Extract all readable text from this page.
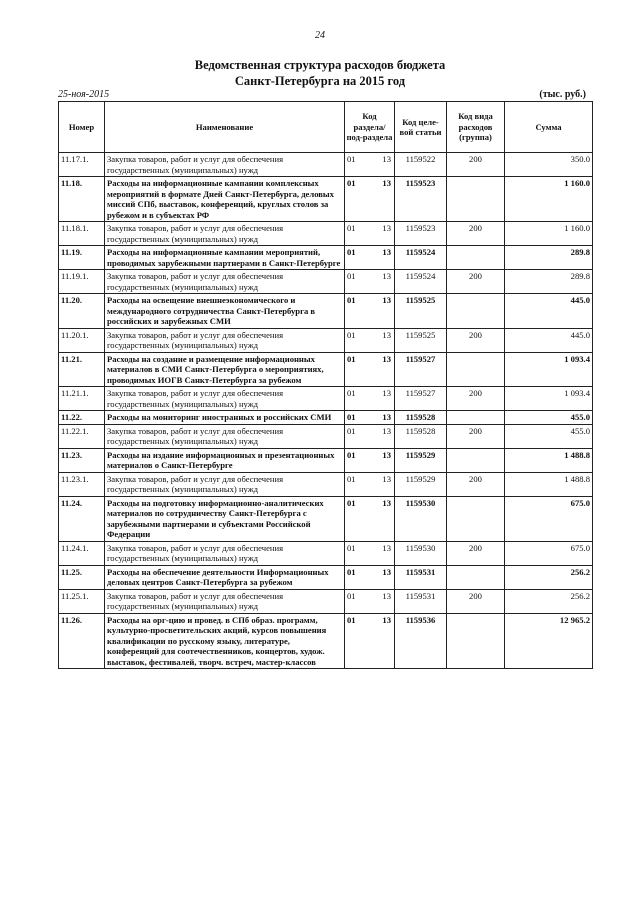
24
Ведомственная структура расходов бюджета
Санкт-Петербурга на 2015 год
25-ноя-2015	(тыс. руб.)
Номер	Наименование	Код раздела/ под-раздела	Код целе-вой статьи	Код вида расходов (группа)	Сумма
11.17.1.	Закупка товаров, работ и услуг для обеспечения государственных (муниципальных) нужд	01 13	1159522	200	350.0
11.18.	Расходы на информационные кампании комплексных мероприятий в формате Дней Санкт-Петербурга, деловых миссий СПб, выставок, конференций, круглых столов за рубежом и в субъектах РФ	01 13	1159523		1 160.0
11.18.1.	Закупка товаров, работ и услуг для обеспечения государственных (муниципальных) нужд	01 13	1159523	200	1 160.0
11.19.	Расходы на информационные кампании мероприятий, проводимых зарубежными партнерами в Санкт-Петербурге	01 13	1159524		289.8
11.19.1.	Закупка товаров, работ и услуг для обеспечения государственных (муниципальных) нужд	01 13	1159524	200	289.8
11.20.	Расходы на освещение внешнеэкономического и международного сотрудничества Санкт-Петербурга в российских и зарубежных СМИ	01 13	1159525		445.0
11.20.1.	Закупка товаров, работ и услуг для обеспечения государственных (муниципальных) нужд	01 13	1159525	200	445.0
11.21.	Расходы на создание и размещение информационных материалов в СМИ Санкт-Петербурга о мероприятиях, проводимых ИОГВ Санкт-Петербурга за рубежом	01 13	1159527		1 093.4
11.21.1.	Закупка товаров, работ и услуг для обеспечения государственных (муниципальных) нужд	01 13	1159527	200	1 093.4
11.22.	Расходы на мониторинг иностранных и российских СМИ	01 13	1159528		455.0
11.22.1.	Закупка товаров, работ и услуг для обеспечения государственных (муниципальных) нужд	01 13	1159528	200	455.0
11.23.	Расходы на издание информационных и презентационных материалов о Санкт-Петербурге	01 13	1159529		1 488.8
11.23.1.	Закупка товаров, работ и услуг для обеспечения государственных (муниципальных) нужд	01 13	1159529	200	1 488.8
11.24.	Расходы на подготовку информационно-аналитических материалов по сотрудничеству Санкт-Петербурга с зарубежными партнерами и субъектами Российской Федерации	01 13	1159530		675.0
11.24.1.	Закупка товаров, работ и услуг для обеспечения государственных (муниципальных) нужд	01 13	1159530	200	675.0
11.25.	Расходы на обеспечение деятельности Информационных деловых центров Санкт-Петербурга за рубежом	01 13	1159531		256.2
11.25.1.	Закупка товаров, работ и услуг для обеспечения государственных (муниципальных) нужд	01 13	1159531	200	256.2
11.26.	Расходы на орг-цию и провед. в СПб образ. программ, культурно-просветительских акций, курсов повышения квалификации по русскому языку, литературе, конференций для соотечественников, концертов, худож. выставок, фестивалей, творч. встреч, мастер-классов	01 13	1159536		12 965.2
